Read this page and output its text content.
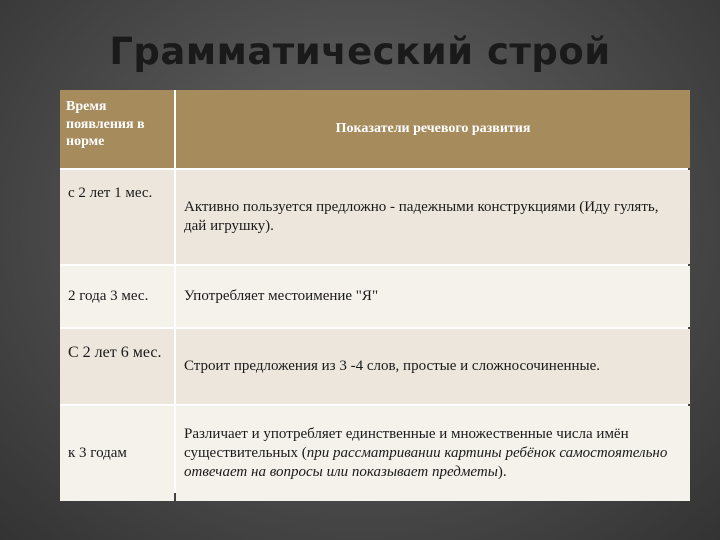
Грамматический строй
Время появления в норме
Показатели речевого развития
с 2 лет 1 мес.
Активно пользуется предложно - падежными конструкциями (Иду гулять, дай игрушку).
2 года 3 мес.	Употребляет местоимение "Я"
С 2 лет 6 мес.
Строит предложения из 3 -4 слов, простые и сложносочиненные.
к 3 годам
Различает и употребляет единственные и множественные числа имён существительных (при рассматривании картины ребёнок самостоятельно отвечает на вопросы или показывает предметы).
